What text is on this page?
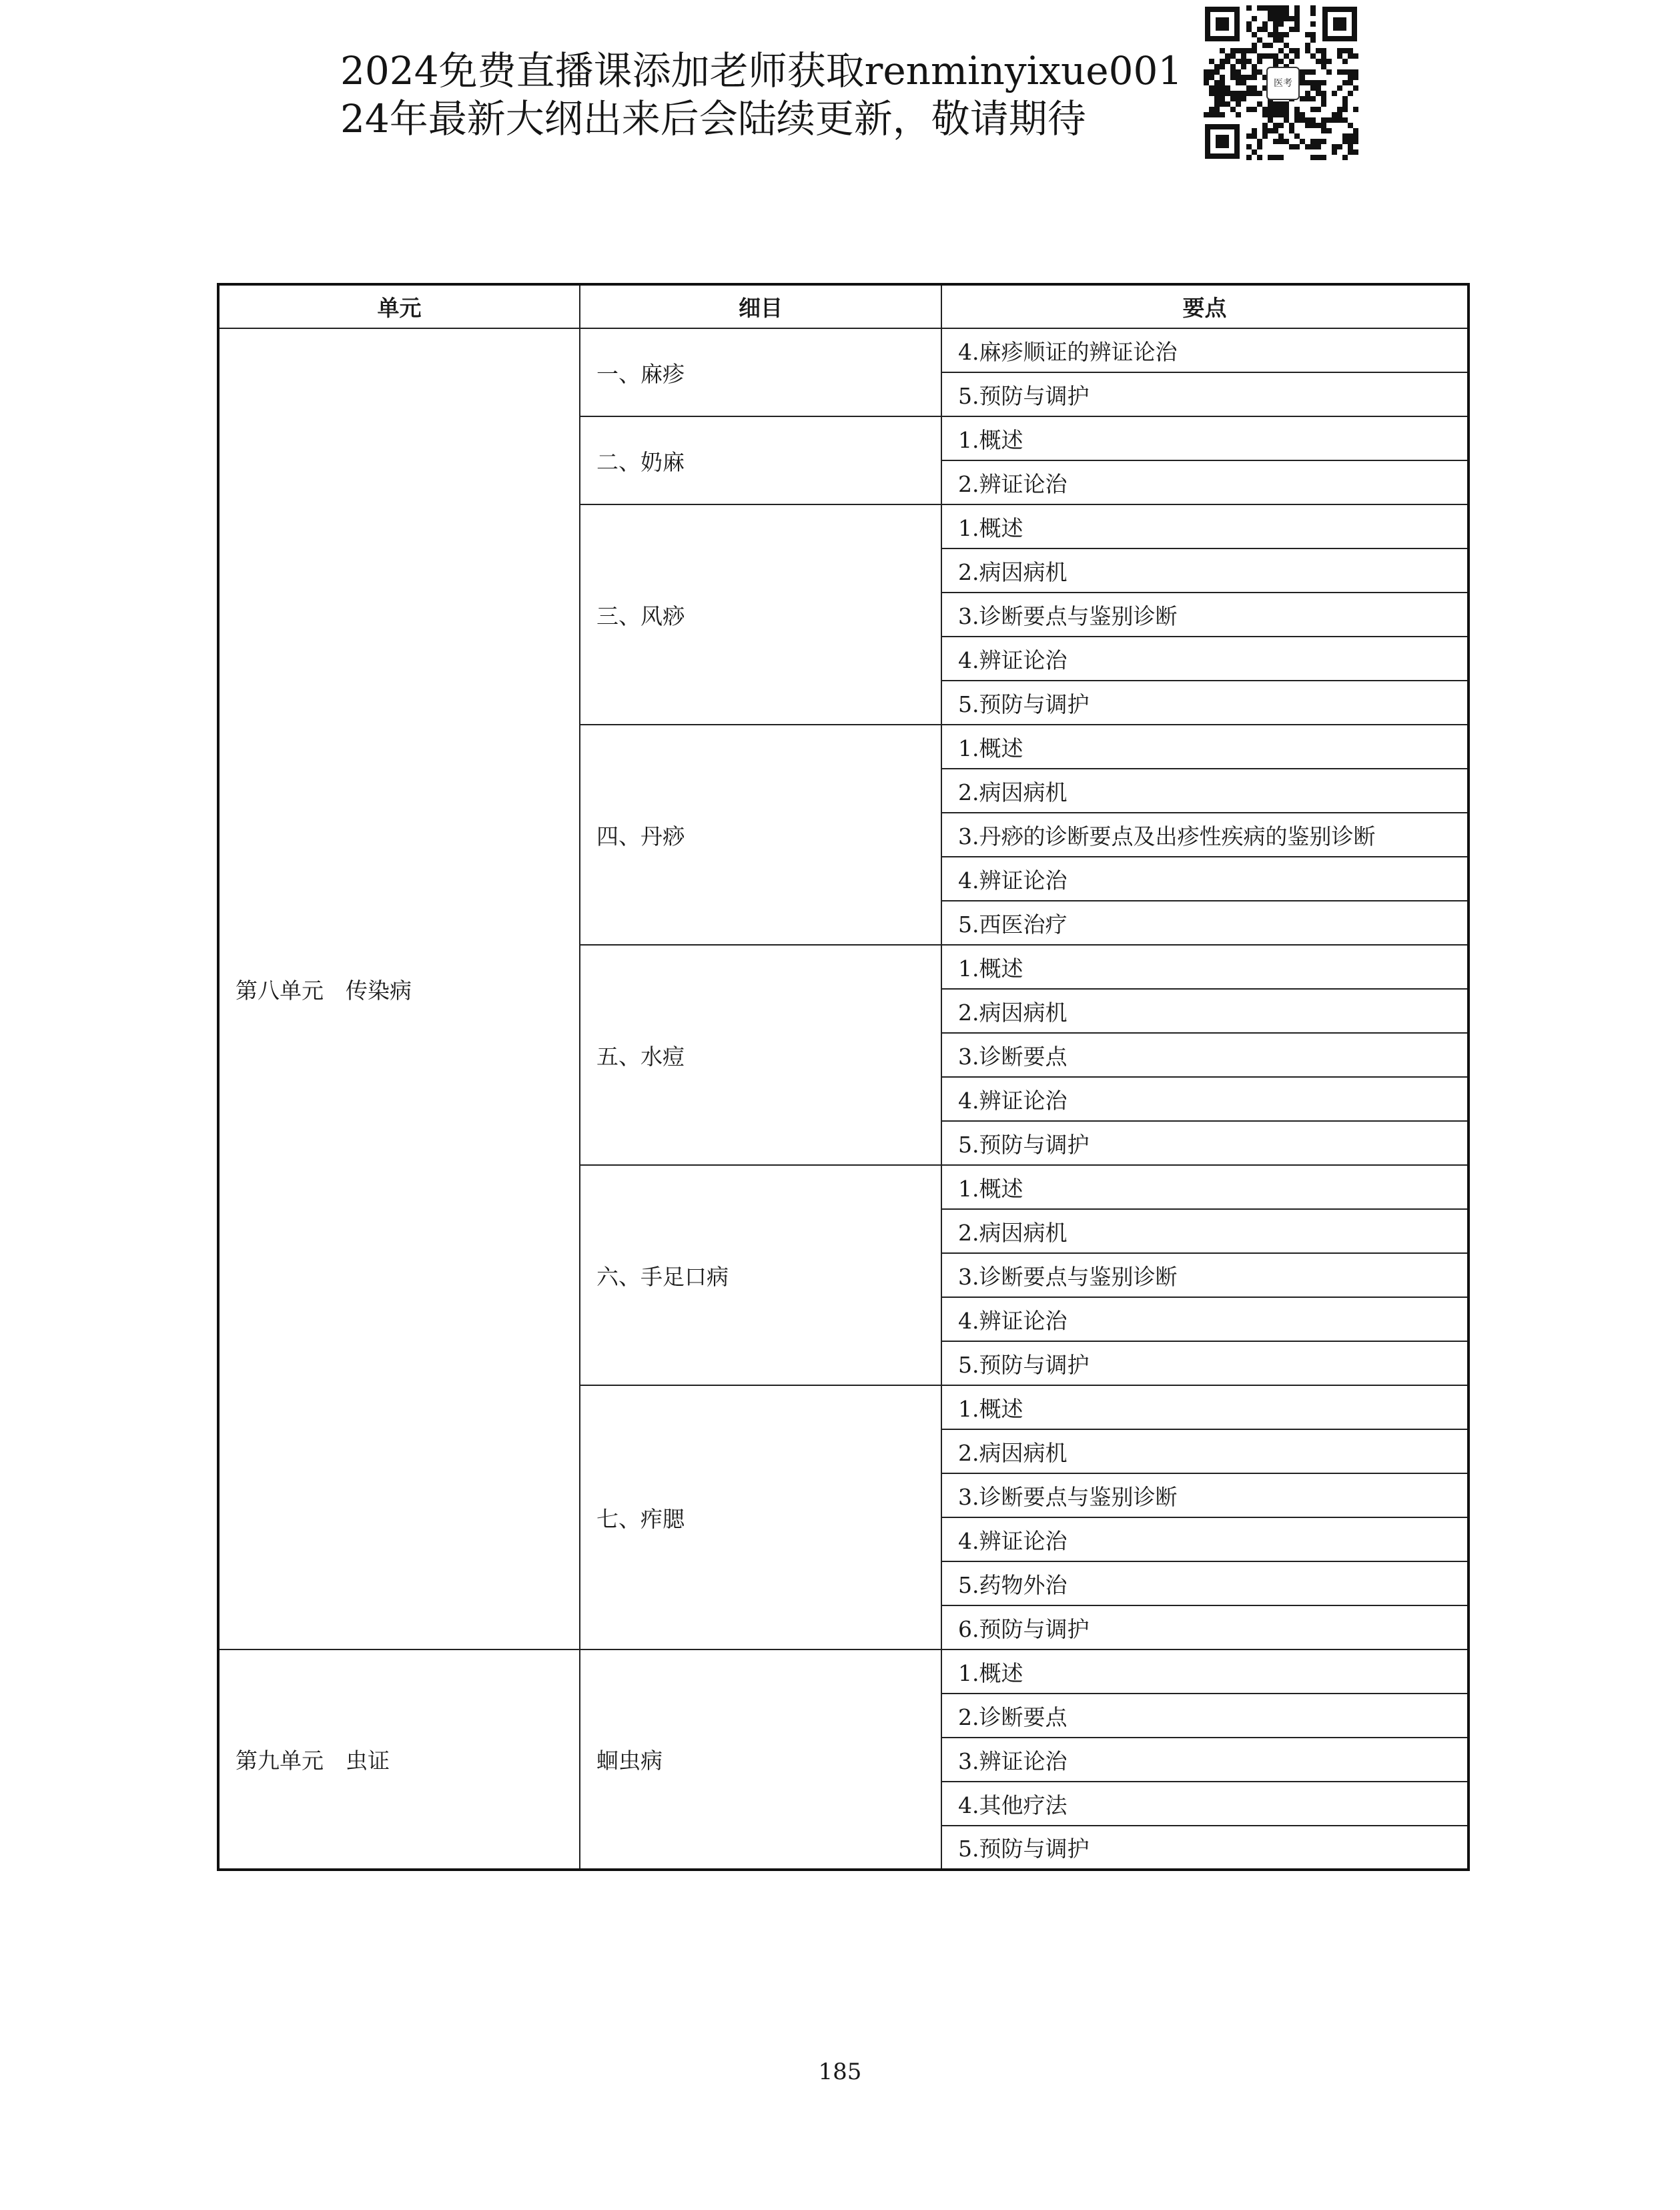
2024免费直播课添加老师获取renminyixue001
24年最新大纲出来后会陆续更新，敬请期待
医考
单元	细目	要点
第八单元　传染病	一、麻疹	4.麻疹顺证的辨证论治
		5.预防与调护
	二、奶麻	1.概述
		2.辨证论治
	三、风痧	1.概述
		2.病因病机
		3.诊断要点与鉴别诊断
		4.辨证论治
		5.预防与调护
	四、丹痧	1.概述
		2.病因病机
		3.丹痧的诊断要点及出疹性疾病的鉴别诊断
		4.辨证论治
		5.西医治疗
	五、水痘	1.概述
		2.病因病机
		3.诊断要点
		4.辨证论治
		5.预防与调护
	六、手足口病	1.概述
		2.病因病机
		3.诊断要点与鉴别诊断
		4.辨证论治
		5.预防与调护
	七、痄腮	1.概述
		2.病因病机
		3.诊断要点与鉴别诊断
		4.辨证论治
		5.药物外治
		6.预防与调护
第九单元　虫证	蛔虫病	1.概述
		2.诊断要点
		3.辨证论治
		4.其他疗法
		5.预防与调护
185
